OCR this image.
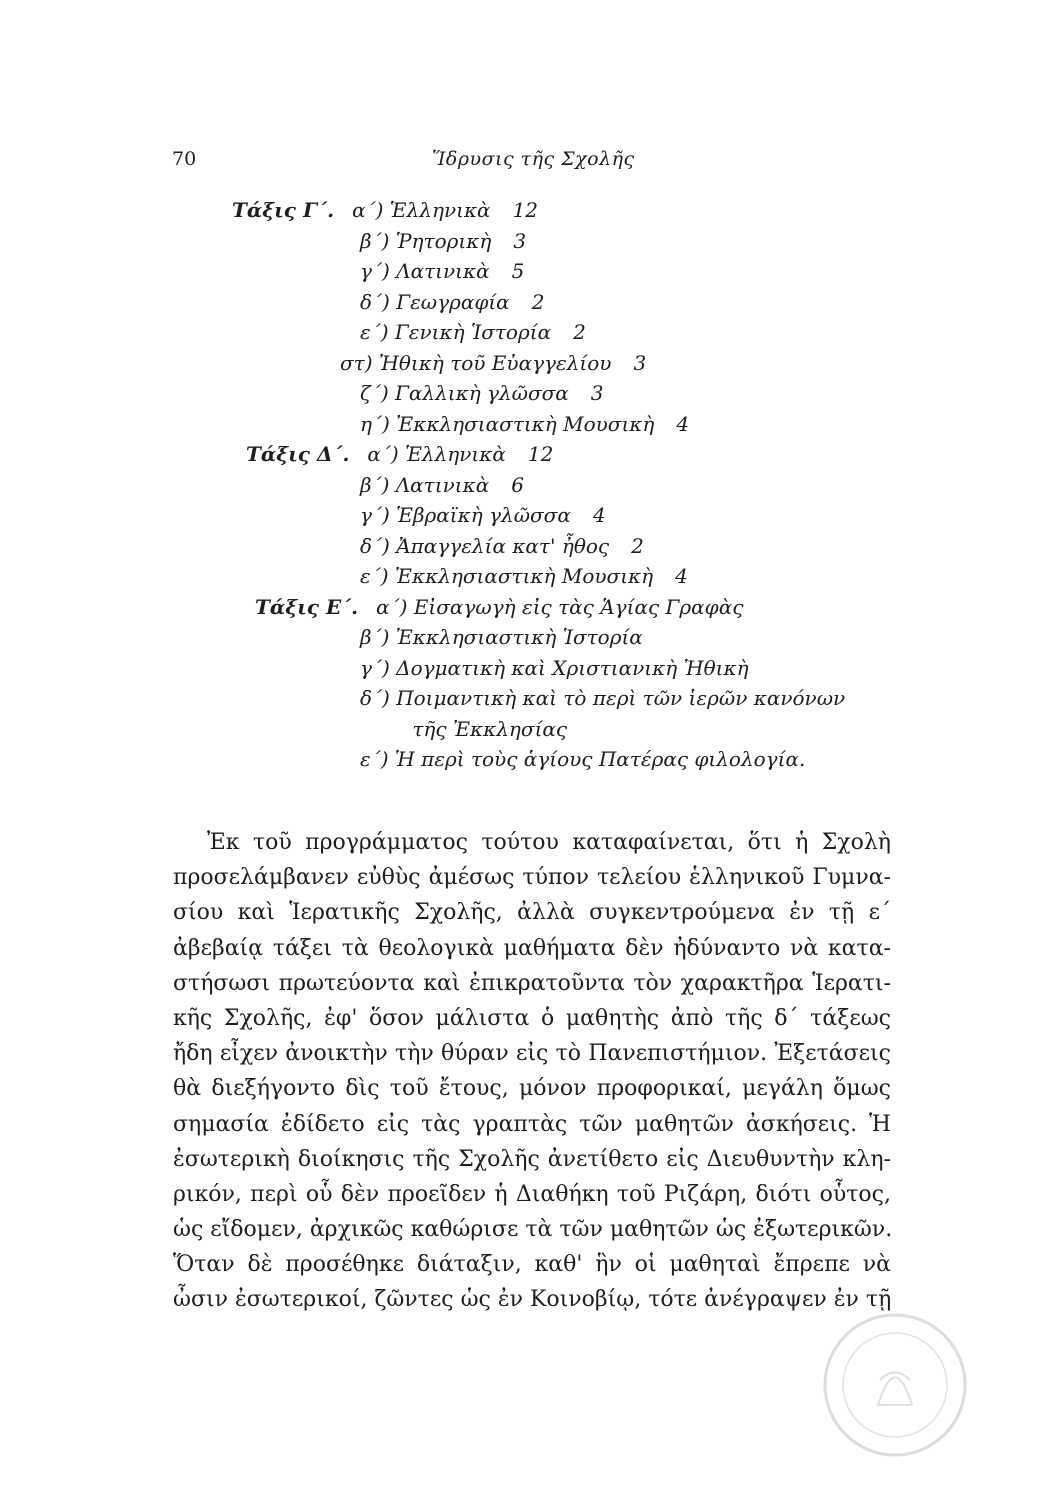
70	Ἵδρυσις τῆς Σχολῆς
Τάξις Γ΄. α΄) Ἑλληνικὰ 12
β΄) Ῥητορικὴ 3
γ΄) Λατινικὰ 5
δ΄) Γεωγραφία 2
ε΄) Γενικὴ Ἱστορία 2
στ) Ἠθικὴ τοῦ Εὐαγγελίου 3
ζ΄) Γαλλικὴ γλῶσσα 3
η΄) Ἐκκλησιαστικὴ Μουσικὴ 4
Τάξις Δ΄. α΄) Ἑλληνικὰ 12
β΄) Λατινικὰ 6
γ΄) Ἑβραϊκὴ γλῶσσα 4
δ΄) Ἀπαγγελία κατ' ἦθος 2
ε΄) Ἐκκλησιαστικὴ Μουσικὴ 4
Τάξις Ε΄. α΄) Εἰσαγωγὴ εἰς τὰς Ἁγίας Γραφὰς
β΄) Ἐκκλησιαστικὴ Ἱστορία
γ΄) Δογματικὴ καὶ Χριστιανικὴ Ἠθικὴ
δ΄) Ποιμαντικὴ καὶ τὸ περὶ τῶν ἱερῶν κανόνων
τῆς Ἐκκλησίας
ε΄) Ἡ περὶ τοὺς ἁγίους Πατέρας φιλολογία.
Ἐκ τοῦ προγράμματος τούτου καταφαίνεται, ὅτι ἡ Σχολὴ
προσελάμβανεν εὐθὺς ἀμέσως τύπον τελείου ἑλληνικοῦ Γυμνα-
σίου καὶ Ἱερατικῆς Σχολῆς, ἀλλὰ συγκεντρούμενα ἐν τῇ ε΄
ἀβεβαίᾳ τάξει τὰ θεολογικὰ μαθήματα δὲν ἠδύναντο νὰ κατα-
στήσωσι πρωτεύοντα καὶ ἐπικρατοῦντα τὸν χαρακτῆρα Ἱερατι-
κῆς Σχολῆς, ἐφ' ὅσον μάλιστα ὁ μαθητὴς ἀπὸ τῆς δ΄ τάξεως
ἤδη εἶχεν ἀνοικτὴν τὴν θύραν εἰς τὸ Πανεπιστήμιον. Ἐξετάσεις
θὰ διεξήγοντο δὶς τοῦ ἔτους, μόνον προφορικαί, μεγάλη ὅμως
σημασία ἐδίδετο εἰς τὰς γραπτὰς τῶν μαθητῶν ἀσκήσεις. Ἡ
ἐσωτερικὴ διοίκησις τῆς Σχολῆς ἀνετίθετο εἰς Διευθυντὴν κλη-
ρικόν, περὶ οὗ δὲν προεῖδεν ἡ Διαθήκη τοῦ Ριζάρη, διότι οὗτος,
ὡς εἴδομεν, ἀρχικῶς καθώρισε τὰ τῶν μαθητῶν ὡς ἐξωτερικῶν.
Ὅταν δὲ προσέθηκε διάταξιν, καθ' ἣν οἱ μαθηταὶ ἔπρεπε νὰ
ὦσιν ἐσωτερικοί, ζῶντες ὡς ἐν Κοινοβίῳ, τότε ἀνέγραψεν ἐν τῇ
